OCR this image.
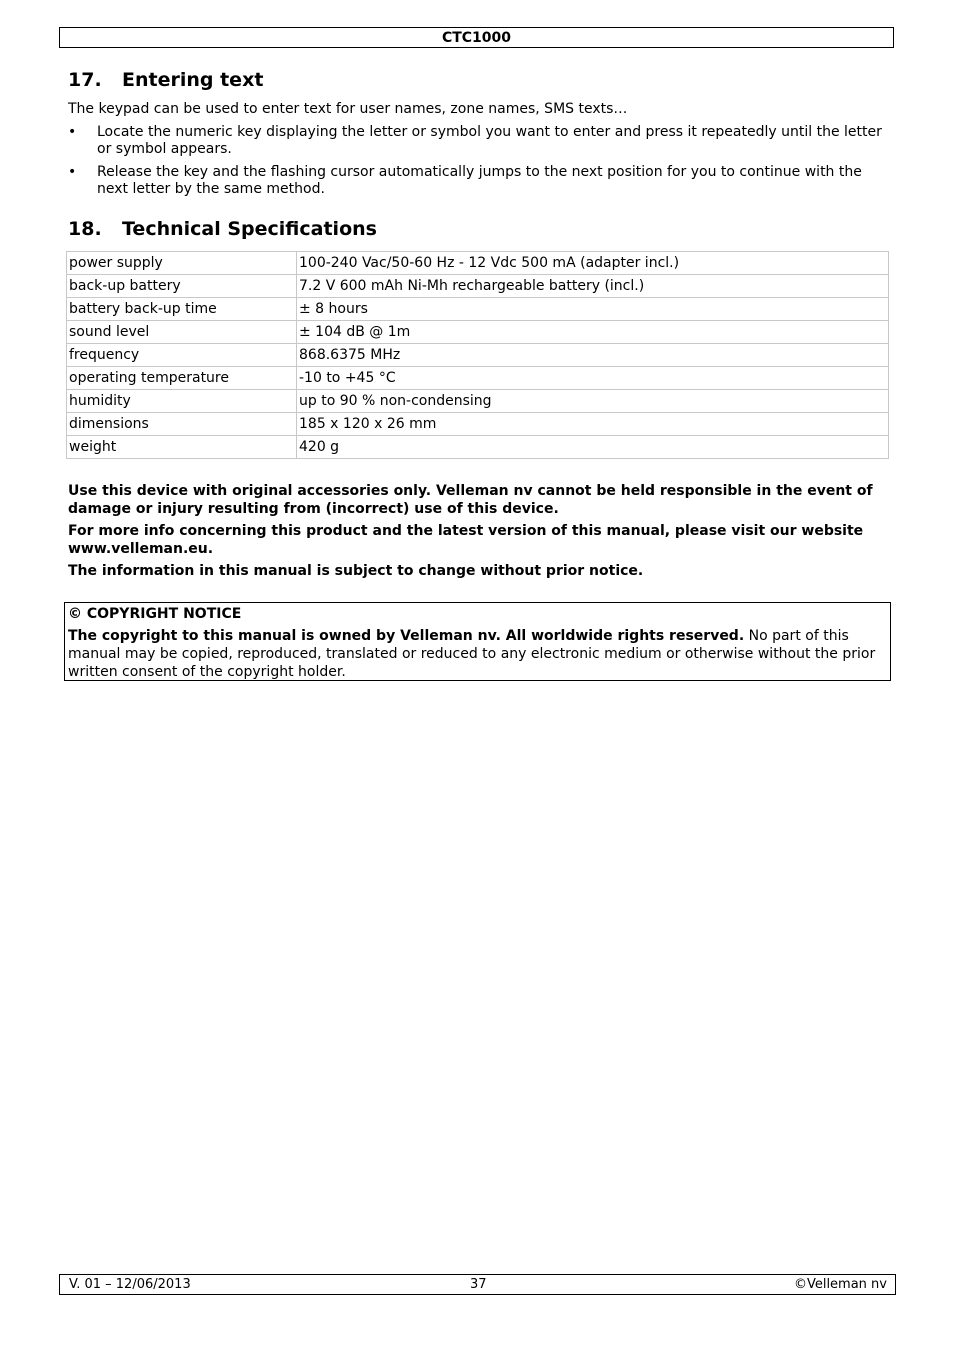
CTC1000
17. Entering text

The keypad can be used to enter text for user names, zone names, SMS texts…

• Locate the numeric key displaying the letter or symbol you want to enter and press it repeatedly until the letter or symbol appears.
• Release the key and the flashing cursor automatically jumps to the next position for you to continue with the next letter by the same method.
18. Technical Specifications
power supply	100-240 Vac/50-60 Hz - 12 Vdc 500 mA (adapter incl.)
back-up battery	7.2 V 600 mAh Ni-Mh rechargeable battery (incl.)
battery back-up time	± 8 hours
sound level	± 104 dB @ 1m
frequency	868.6375 MHz
operating temperature	-10 to +45 °C
humidity	up to 90 % non-condensing
dimensions	185 x 120 x 26 mm
weight	420 g

Use this device with original accessories only. Velleman nv cannot be held responsible in the event of damage or injury resulting from (incorrect) use of this device.

For more info concerning this product and the latest version of this manual, please visit our website www.velleman.eu.

The information in this manual is subject to change without prior notice.

© COPYRIGHT NOTICE
The copyright to this manual is owned by Velleman nv. All worldwide rights reserved. No part of this manual may be copied, reproduced, translated or reduced to any electronic medium or otherwise without the prior written consent of the copyright holder.
V. 01 – 12/06/2013	37	©Velleman nv
